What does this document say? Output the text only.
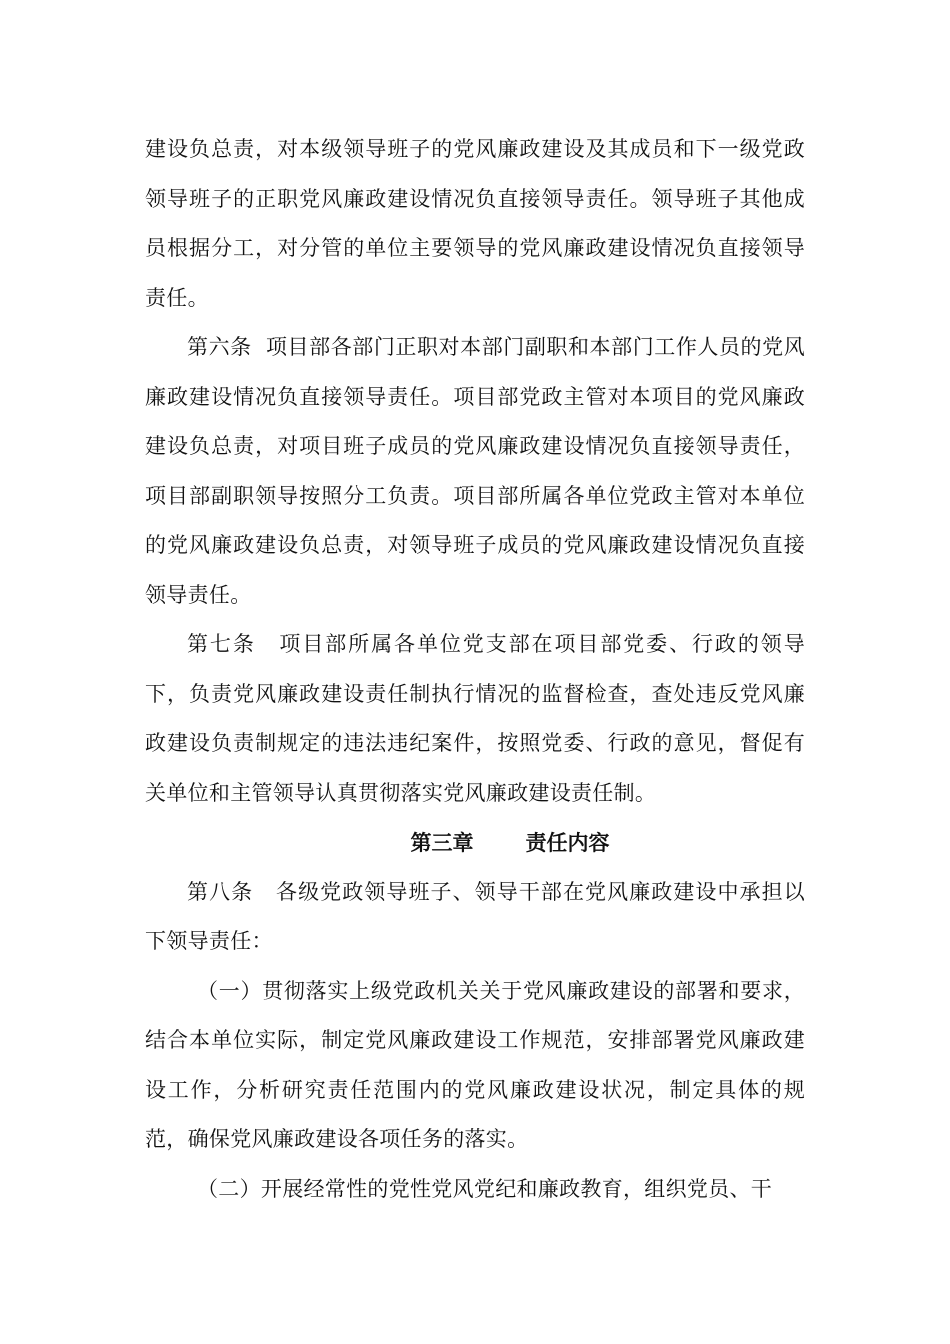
建设负总责，对本级领导班子的党风廉政建设及其成员和下一级党政领导班子的正职党风廉政建设情况负直接领导责任。领导班子其他成员根据分工，对分管的单位主要领导的党风廉政建设情况负直接领导责任。

第六条 项目部各部门正职对本部门副职和本部门工作人员的党风廉政建设情况负直接领导责任。项目部党政主管对本项目的党风廉政建设负总责，对项目班子成员的党风廉政建设情况负直接领导责任，项目部副职领导按照分工负责。项目部所属各单位党政主管对本单位的党风廉政建设负总责，对领导班子成员的党风廉政建设情况负直接领导责任。

第七条 项目部所属各单位党支部在项目部党委、行政的领导下，负责党风廉政建设责任制执行情况的监督检查，查处违反党风廉政建设负责制规定的违法违纪案件，按照党委、行政的意见，督促有关单位和主管领导认真贯彻落实党风廉政建设责任制。

第三章 责任内容

第八条 各级党政领导班子、领导干部在党风廉政建设中承担以下领导责任：

（一）贯彻落实上级党政机关关于党风廉政建设的部署和要求，结合本单位实际，制定党风廉政建设工作规范，安排部署党风廉政建设工作，分析研究责任范围内的党风廉政建设状况，制定具体的规范，确保党风廉政建设各项任务的落实。

（二）开展经常性的党性党风党纪和廉政教育，组织党员、干
